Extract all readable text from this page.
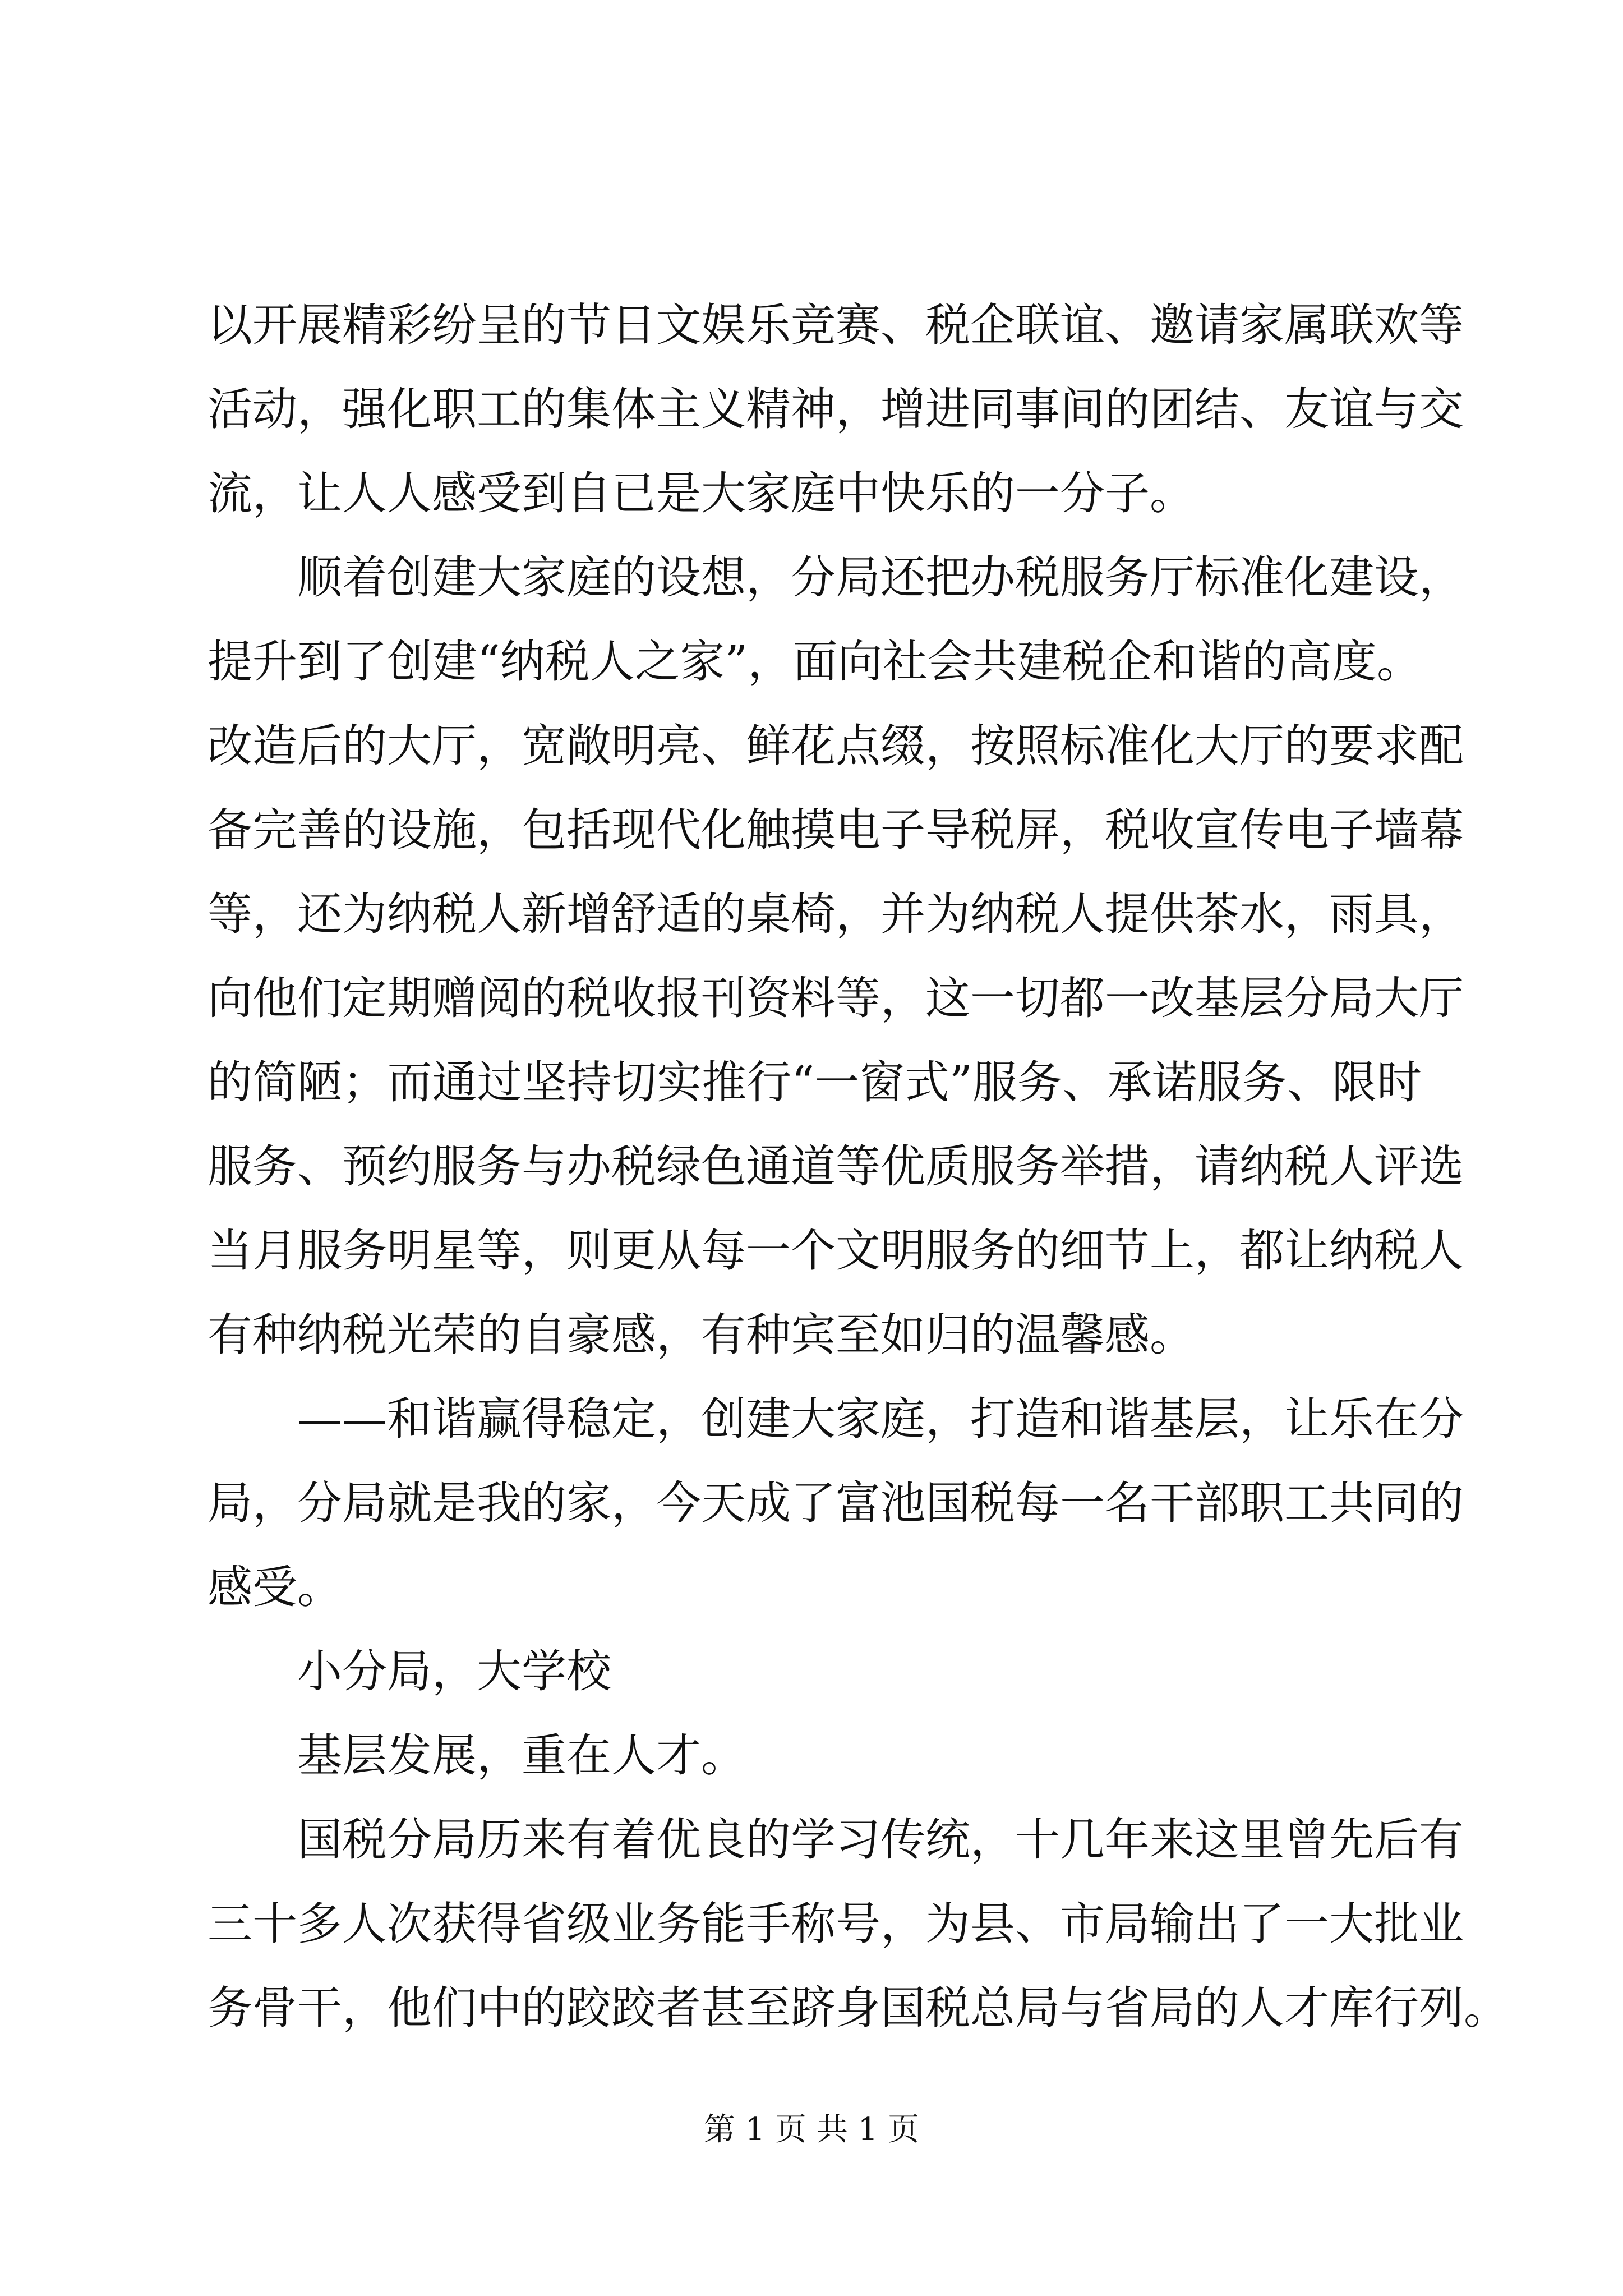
以开展精彩纷呈的节日文娱乐竞赛、税企联谊、邀请家属联欢等
活动，强化职工的集体主义精神，增进同事间的团结、友谊与交
流，让人人感受到自已是大家庭中快乐的一分子。
顺着创建大家庭的设想，分局还把办税服务厅标准化建设，
提升到了创建“纳税人之家”，面向社会共建税企和谐的高度。
改造后的大厅，宽敞明亮、鲜花点缀，按照标准化大厅的要求配
备完善的设施，包括现代化触摸电子导税屏，税收宣传电子墙幕
等，还为纳税人新增舒适的桌椅，并为纳税人提供茶水，雨具，
向他们定期赠阅的税收报刊资料等，这一切都一改基层分局大厅
的简陋；而通过坚持切实推行“一窗式”服务、承诺服务、限时
服务、预约服务与办税绿色通道等优质服务举措，请纳税人评选
当月服务明星等，则更从每一个文明服务的细节上，都让纳税人
有种纳税光荣的自豪感，有种宾至如归的温馨感。
——和谐赢得稳定，创建大家庭，打造和谐基层，让乐在分
局，分局就是我的家，今天成了富池国税每一名干部职工共同的
感受。
小分局，大学校
基层发展，重在人才。
国税分局历来有着优良的学习传统，十几年来这里曾先后有
三十多人次获得省级业务能手称号，为县、市局输出了一大批业
务骨干，他们中的跤跤者甚至跻身国税总局与省局的人才库行列。
第 1 页 共 1 页
